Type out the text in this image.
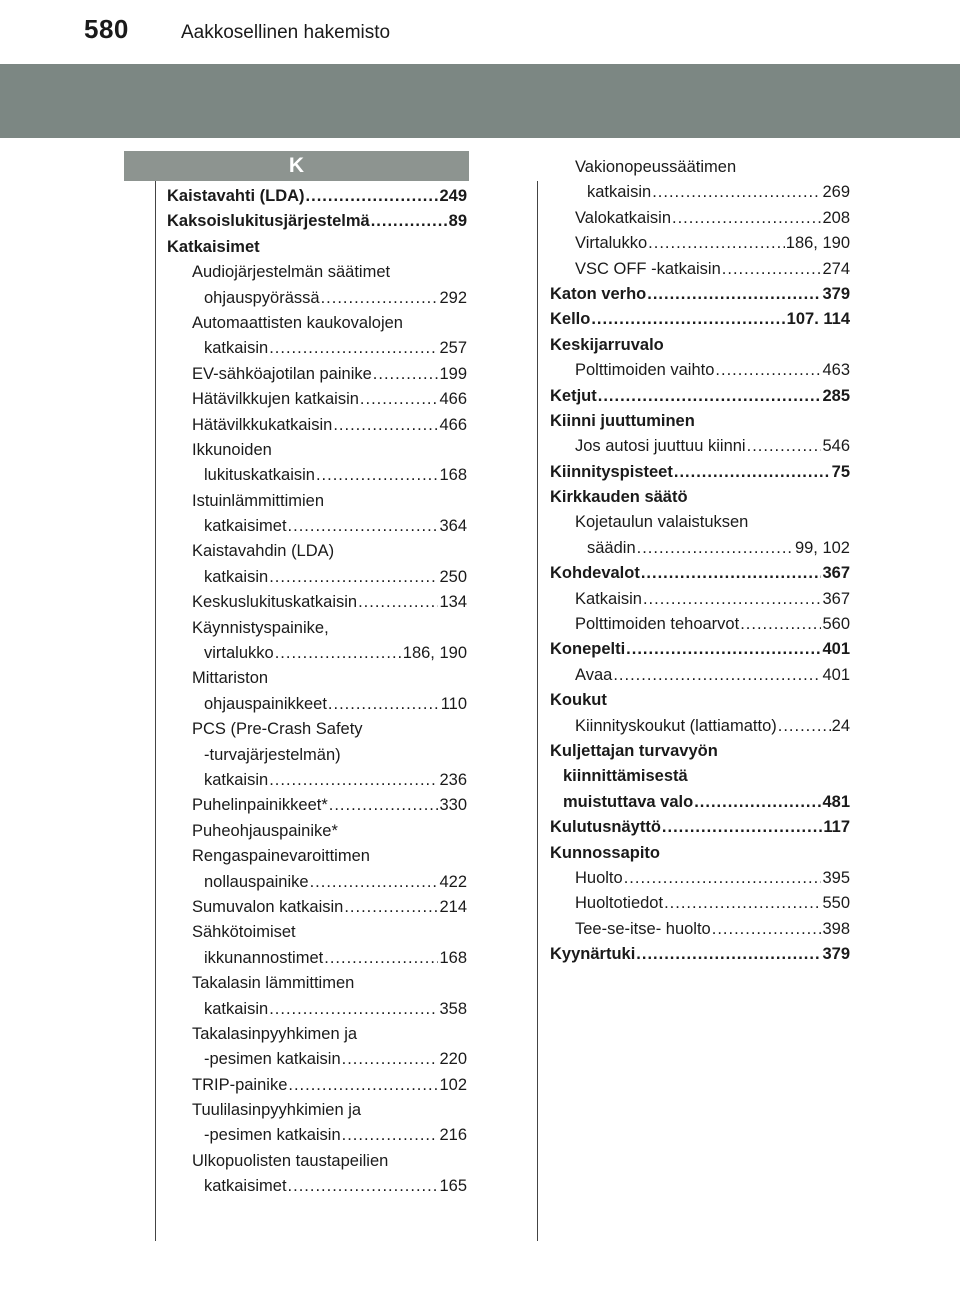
580	Aakkosellinen hakemisto
K
Kaistavahti (LDA) .....	249
Kaksoislukitusjärjestelmä .....	89
Katkaisimet
Audiojärjestelmän säätimet
ohjauspyörässä .....	292
Automaattisten kaukovalojen
katkaisin .....	257
EV-sähköajotilan painike .....	199
Hätävilkkujen katkaisin .....	466
Hätävilkkukatkaisin .....	466
Ikkunoiden
lukituskatkaisin .....	168
Istuinlämmittimien
katkaisimet .....	364
Kaistavahdin (LDA)
katkaisin .....	250
Keskuslukituskatkaisin .....	134
Käynnistyspainike,
virtalukko .....	186, 190
Mittariston
ohjauspainikkeet .....	110
PCS (Pre-Crash Safety
-turvajärjestelmän)
katkaisin .....	236
Puhelinpainikkeet* .....	330
Puheohjauspainike*
Rengaspainevaroittimen
nollauspainike .....	422
Sumuvalon katkaisin .....	214
Sähkötoimiset
ikkunannostimet .....	168
Takalasin lämmittimen
katkaisin .....	358
Takalasinpyyhkimen ja
-pesimen katkaisin .....	220
TRIP-painike .....	102
Tuulilasinpyyhkimien ja
-pesimen katkaisin .....	216
Ulkopuolisten taustapeilien
katkaisimet .....	165
Vakionopeussäätimen
katkaisin .....	269
Valokatkaisin .....	208
Virtalukko .....	186, 190
VSC OFF -katkaisin .....	274
Katon verho .....	379
Kello .....	107. 114
Keskijarruvalo
Polttimoiden vaihto .....	463
Ketjut .....	285
Kiinni juuttuminen
Jos autosi juuttuu kiinni .....	546
Kiinnityspisteet .....	75
Kirkkauden säätö
Kojetaulun valaistuksen
säädin .....	99, 102
Kohdevalot .....	367
Katkaisin .....	367
Polttimoiden tehoarvot .....	560
Konepelti .....	401
Avaa .....	401
Koukut
Kiinnityskoukut (lattiamatto) .....	24
Kuljettajan turvavyön
kiinnittämisestä
muistuttava valo .....	481
Kulutusnäyttö .....	117
Kunnossapito
Huolto .....	395
Huoltotiedot .....	550
Tee-se-itse- huolto .....	398
Kyynärtuki .....	379
